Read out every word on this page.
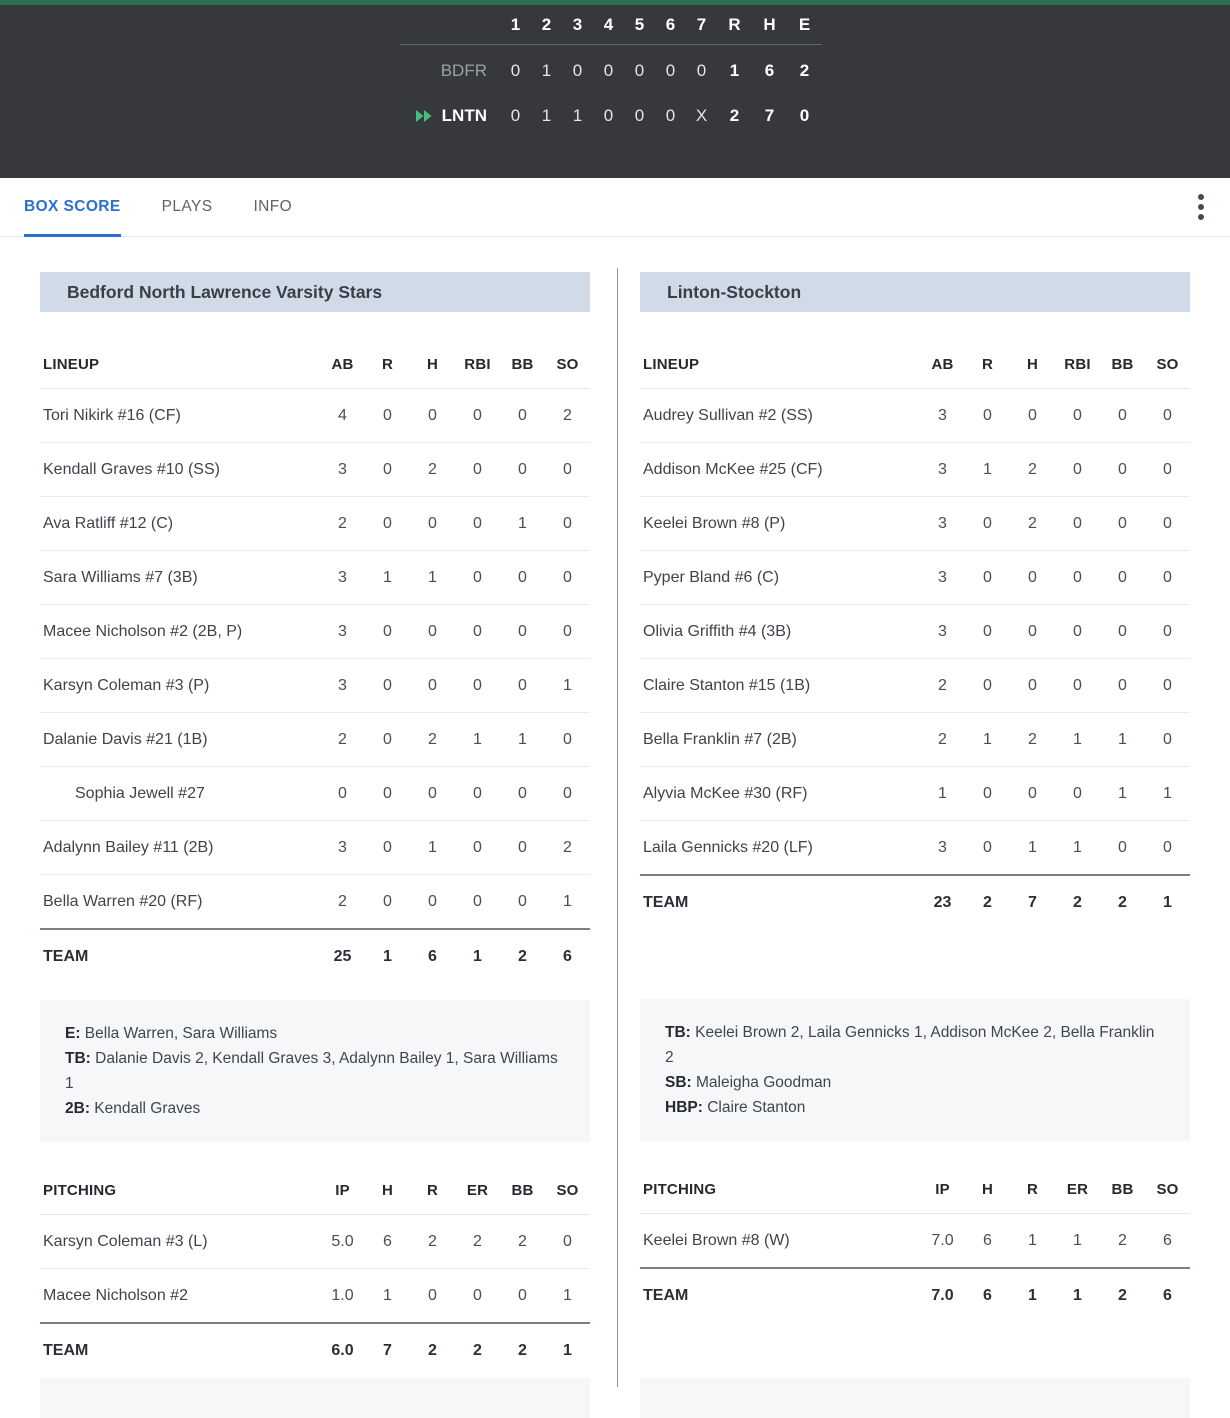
1	2	3	4	5	6	7	R	H	E
BDFR	0	1	0	0	0	0	0	1	6	2
LNTN	0	1	1	0	0	0	X	2	7	0
BOX SCORE	PLAYS	INFO
Bedford North Lawrence Varsity Stars
LINEUP	AB	R	H	RBI	BB	SO
Tori Nikirk #16 (CF)	4	0	0	0	0	2
Kendall Graves #10 (SS)	3	0	2	0	0	0
Ava Ratliff #12 (C)	2	0	0	0	1	0
Sara Williams #7 (3B)	3	1	1	0	0	0
Macee Nicholson #2 (2B, P)	3	0	0	0	0	0
Karsyn Coleman #3 (P)	3	0	0	0	0	1
Dalanie Davis #21 (1B)	2	0	2	1	1	0
Sophia Jewell #27	0	0	0	0	0	0
Adalynn Bailey #11 (2B)	3	0	1	0	0	2
Bella Warren #20 (RF)	2	0	0	0	0	1
TEAM	25	1	6	1	2	6
E: Bella Warren, Sara Williams
TB: Dalanie Davis 2, Kendall Graves 3, Adalynn Bailey 1, Sara Williams 1
2B: Kendall Graves
PITCHING	IP	H	R	ER	BB	SO
Karsyn Coleman #3 (L)	5.0	6	2	2	2	0
Macee Nicholson #2	1.0	1	0	0	0	1
TEAM	6.0	7	2	2	2	1
Linton-Stockton
LINEUP	AB	R	H	RBI	BB	SO
Audrey Sullivan #2 (SS)	3	0	0	0	0	0
Addison McKee #25 (CF)	3	1	2	0	0	0
Keelei Brown #8 (P)	3	0	2	0	0	0
Pyper Bland #6 (C)	3	0	0	0	0	0
Olivia Griffith #4 (3B)	3	0	0	0	0	0
Claire Stanton #15 (1B)	2	0	0	0	0	0
Bella Franklin #7 (2B)	2	1	2	1	1	0
Alyvia McKee #30 (RF)	1	0	0	0	1	1
Laila Gennicks #20 (LF)	3	0	1	1	0	0
TEAM	23	2	7	2	2	1
TB: Keelei Brown 2, Laila Gennicks 1, Addison McKee 2, Bella Franklin 2
SB: Maleigha Goodman
HBP: Claire Stanton
PITCHING	IP	H	R	ER	BB	SO
Keelei Brown #8 (W)	7.0	6	1	1	2	6
TEAM	7.0	6	1	1	2	6
